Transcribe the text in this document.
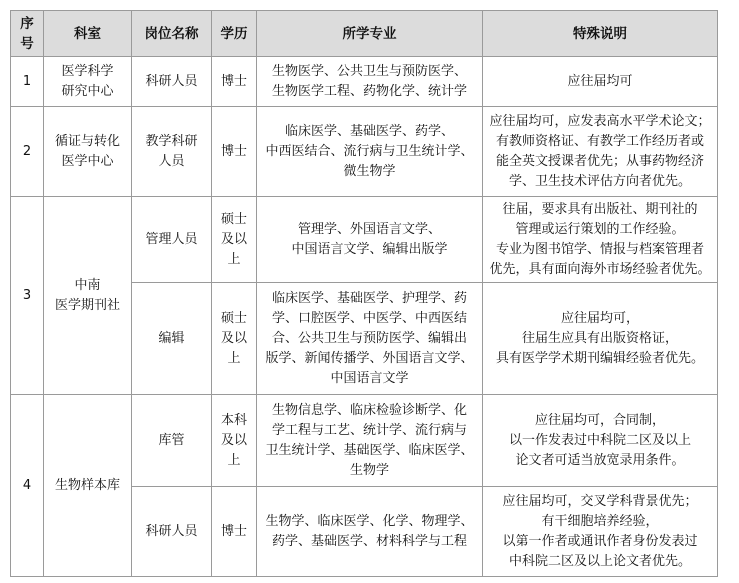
序
号	科室	岗位名称	学历	所学专业	特殊说明
1	医学科学
研究中心	科研人员	博士	生物医学、公共卫生与预防医学、
生物医学工程、药物化学、统计学	应往届均可
2	循证与转化
医学中心	教学科研
人员	博士	临床医学、基础医学、药学、
中西医结合、流行病与卫生统计学、
微生物学	应往届均可，应发表高水平学术论文；
有教师资格证、有教学工作经历者或
能全英文授课者优先；从事药物经济
学、卫生技术评估方向者优先。
3	中南
医学期刊社	管理人员	硕士
及以
上	管理学、外国语言文学、
中国语言文学、编辑出版学	往届，要求具有出版社、期刊社的
管理或运行策划的工作经验。
专业为图书馆学、情报与档案管理者
优先，具有面向海外市场经验者优先。
		编辑	硕士
及以
上	临床医学、基础医学、护理学、药
学、口腔医学、中医学、中西医结
合、公共卫生与预防医学、编辑出
版学、新闻传播学、外国语言文学、
中国语言文学	应往届均可，
往届生应具有出版资格证，
具有医学学术期刊编辑经验者优先。
4	生物样本库	库管	本科
及以
上	生物信息学、临床检验诊断学、化
学工程与工艺、统计学、流行病与
卫生统计学、基础医学、临床医学、
生物学	应往届均可，合同制，
以一作发表过中科院二区及以上
论文者可适当放宽录用条件。
		科研人员	博士	生物学、临床医学、化学、物理学、
药学、基础医学、材料科学与工程	应往届均可，交叉学科背景优先；
有干细胞培养经验，
以第一作者或通讯作者身份发表过
中科院二区及以上论文者优先。
